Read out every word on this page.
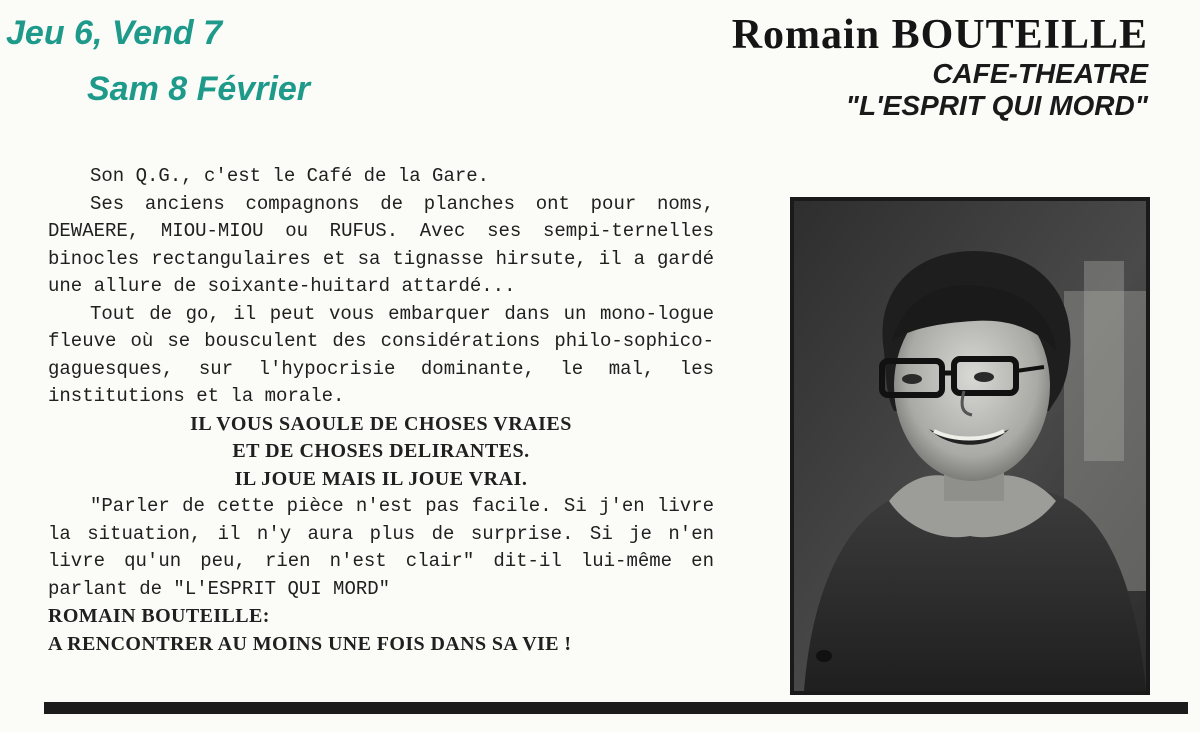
Jeu 6, Vend 7
Sam 8 Février
Romain BOUTEILLE
CAFE-THEATRE
"L'ESPRIT QUI MORD"

Son Q.G., c'est le Café de la Gare.

Ses anciens compagnons de planches ont pour noms, DEWAERE, MIOU-MIOU ou RUFUS. Avec ses sempi-ternelles binocles rectangulaires et sa tignasse hirsute, il a gardé une allure de soixante-huitard attardé...

Tout de go, il peut vous embarquer dans un mono-logue fleuve où se bousculent des considérations philo-sophico-gaguesques, sur l'hypocrisie dominante, le mal, les institutions et la morale.

IL VOUS SAOULE DE CHOSES VRAIES

ET DE CHOSES DELIRANTES.

IL JOUE MAIS IL JOUE VRAI.

"Parler de cette pièce n'est pas facile. Si j'en livre la situation, il n'y aura plus de surprise. Si je n'en livre qu'un peu, rien n'est clair" dit-il lui-même en parlant de "L'ESPRIT QUI MORD"

ROMAIN BOUTEILLE:

A RENCONTRER AU MOINS UNE FOIS DANS SA VIE !
